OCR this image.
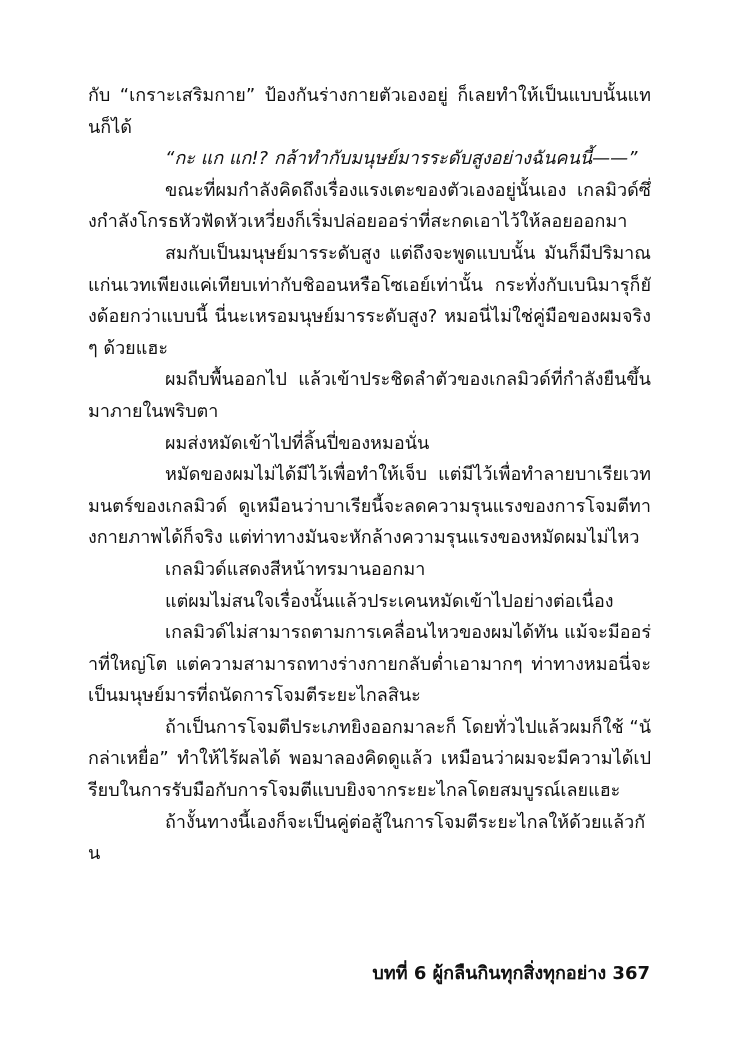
กับ “เกราะเสริมกาย” ป้องกันร่างกายตัวเองอยู่ ก็เลยทำให้เป็นแบบนั้นแทนก็ได้

“กะ แก แก!? กล้าทำกับมนุษย์มารระดับสูงอย่างฉันคนนี้——”

ขณะที่ผมกำลังคิดถึงเรื่องแรงเตะของตัวเองอยู่นั้นเอง เกลมิวด์ซึ่งกำลังโกรธหัวฟัดหัวเหวี่ยงก็เริ่มปล่อยออร่าที่สะกดเอาไว้ให้ลอยออกมา

สมกับเป็นมนุษย์มารระดับสูง แต่ถึงจะพูดแบบนั้น มันก็มีปริมาณแก่นเวทเพียงแค่เทียบเท่ากับชิออนหรือโซเอย์เท่านั้น กระทั่งกับเบนิมารุก็ยังด้อยกว่าแบบนี้ นี่นะเหรอมนุษย์มารระดับสูง? หมอนี่ไม่ใช่คู่มือของผมจริงๆ ด้วยแฮะ

ผมถีบพื้นออกไป แล้วเข้าประชิดลำตัวของเกลมิวด์ที่กำลังยืนขึ้นมาภายในพริบตา

ผมส่งหมัดเข้าไปที่ลิ้นปี่ของหมอนั่น

หมัดของผมไม่ได้มีไว้เพื่อทำให้เจ็บ แต่มีไว้เพื่อทำลายบาเรียเวทมนตร์ของเกลมิวด์ ดูเหมือนว่าบาเรียนี้จะลดความรุนแรงของการโจมตีทางกายภาพได้ก็จริง แต่ท่าทางมันจะหักล้างความรุนแรงของหมัดผมไม่ไหว

เกลมิวด์แสดงสีหน้าทรมานออกมา

แต่ผมไม่สนใจเรื่องนั้นแล้วประเคนหมัดเข้าไปอย่างต่อเนื่อง

เกลมิวด์ไม่สามารถตามการเคลื่อนไหวของผมได้ทัน แม้จะมีออร่าที่ใหญ่โต แต่ความสามารถทางร่างกายกลับต่ำเอามากๆ ท่าทางหมอนี่จะเป็นมนุษย์มารที่ถนัดการโจมตีระยะไกลสินะ

ถ้าเป็นการโจมตีประเภทยิงออกมาละก็ โดยทั่วไปแล้วผมก็ใช้ “นักล่าเหยื่อ” ทำให้ไร้ผลได้ พอมาลองคิดดูแล้ว เหมือนว่าผมจะมีความได้เปรียบในการรับมือกับการโจมตีแบบยิงจากระยะไกลโดยสมบูรณ์เลยแฮะ

ถ้างั้นทางนี้เองก็จะเป็นคู่ต่อสู้ในการโจมตีระยะไกลให้ด้วยแล้วกัน

บทที่ 6 ผู้กลืนกินทุกสิ่งทุกอย่าง 367
